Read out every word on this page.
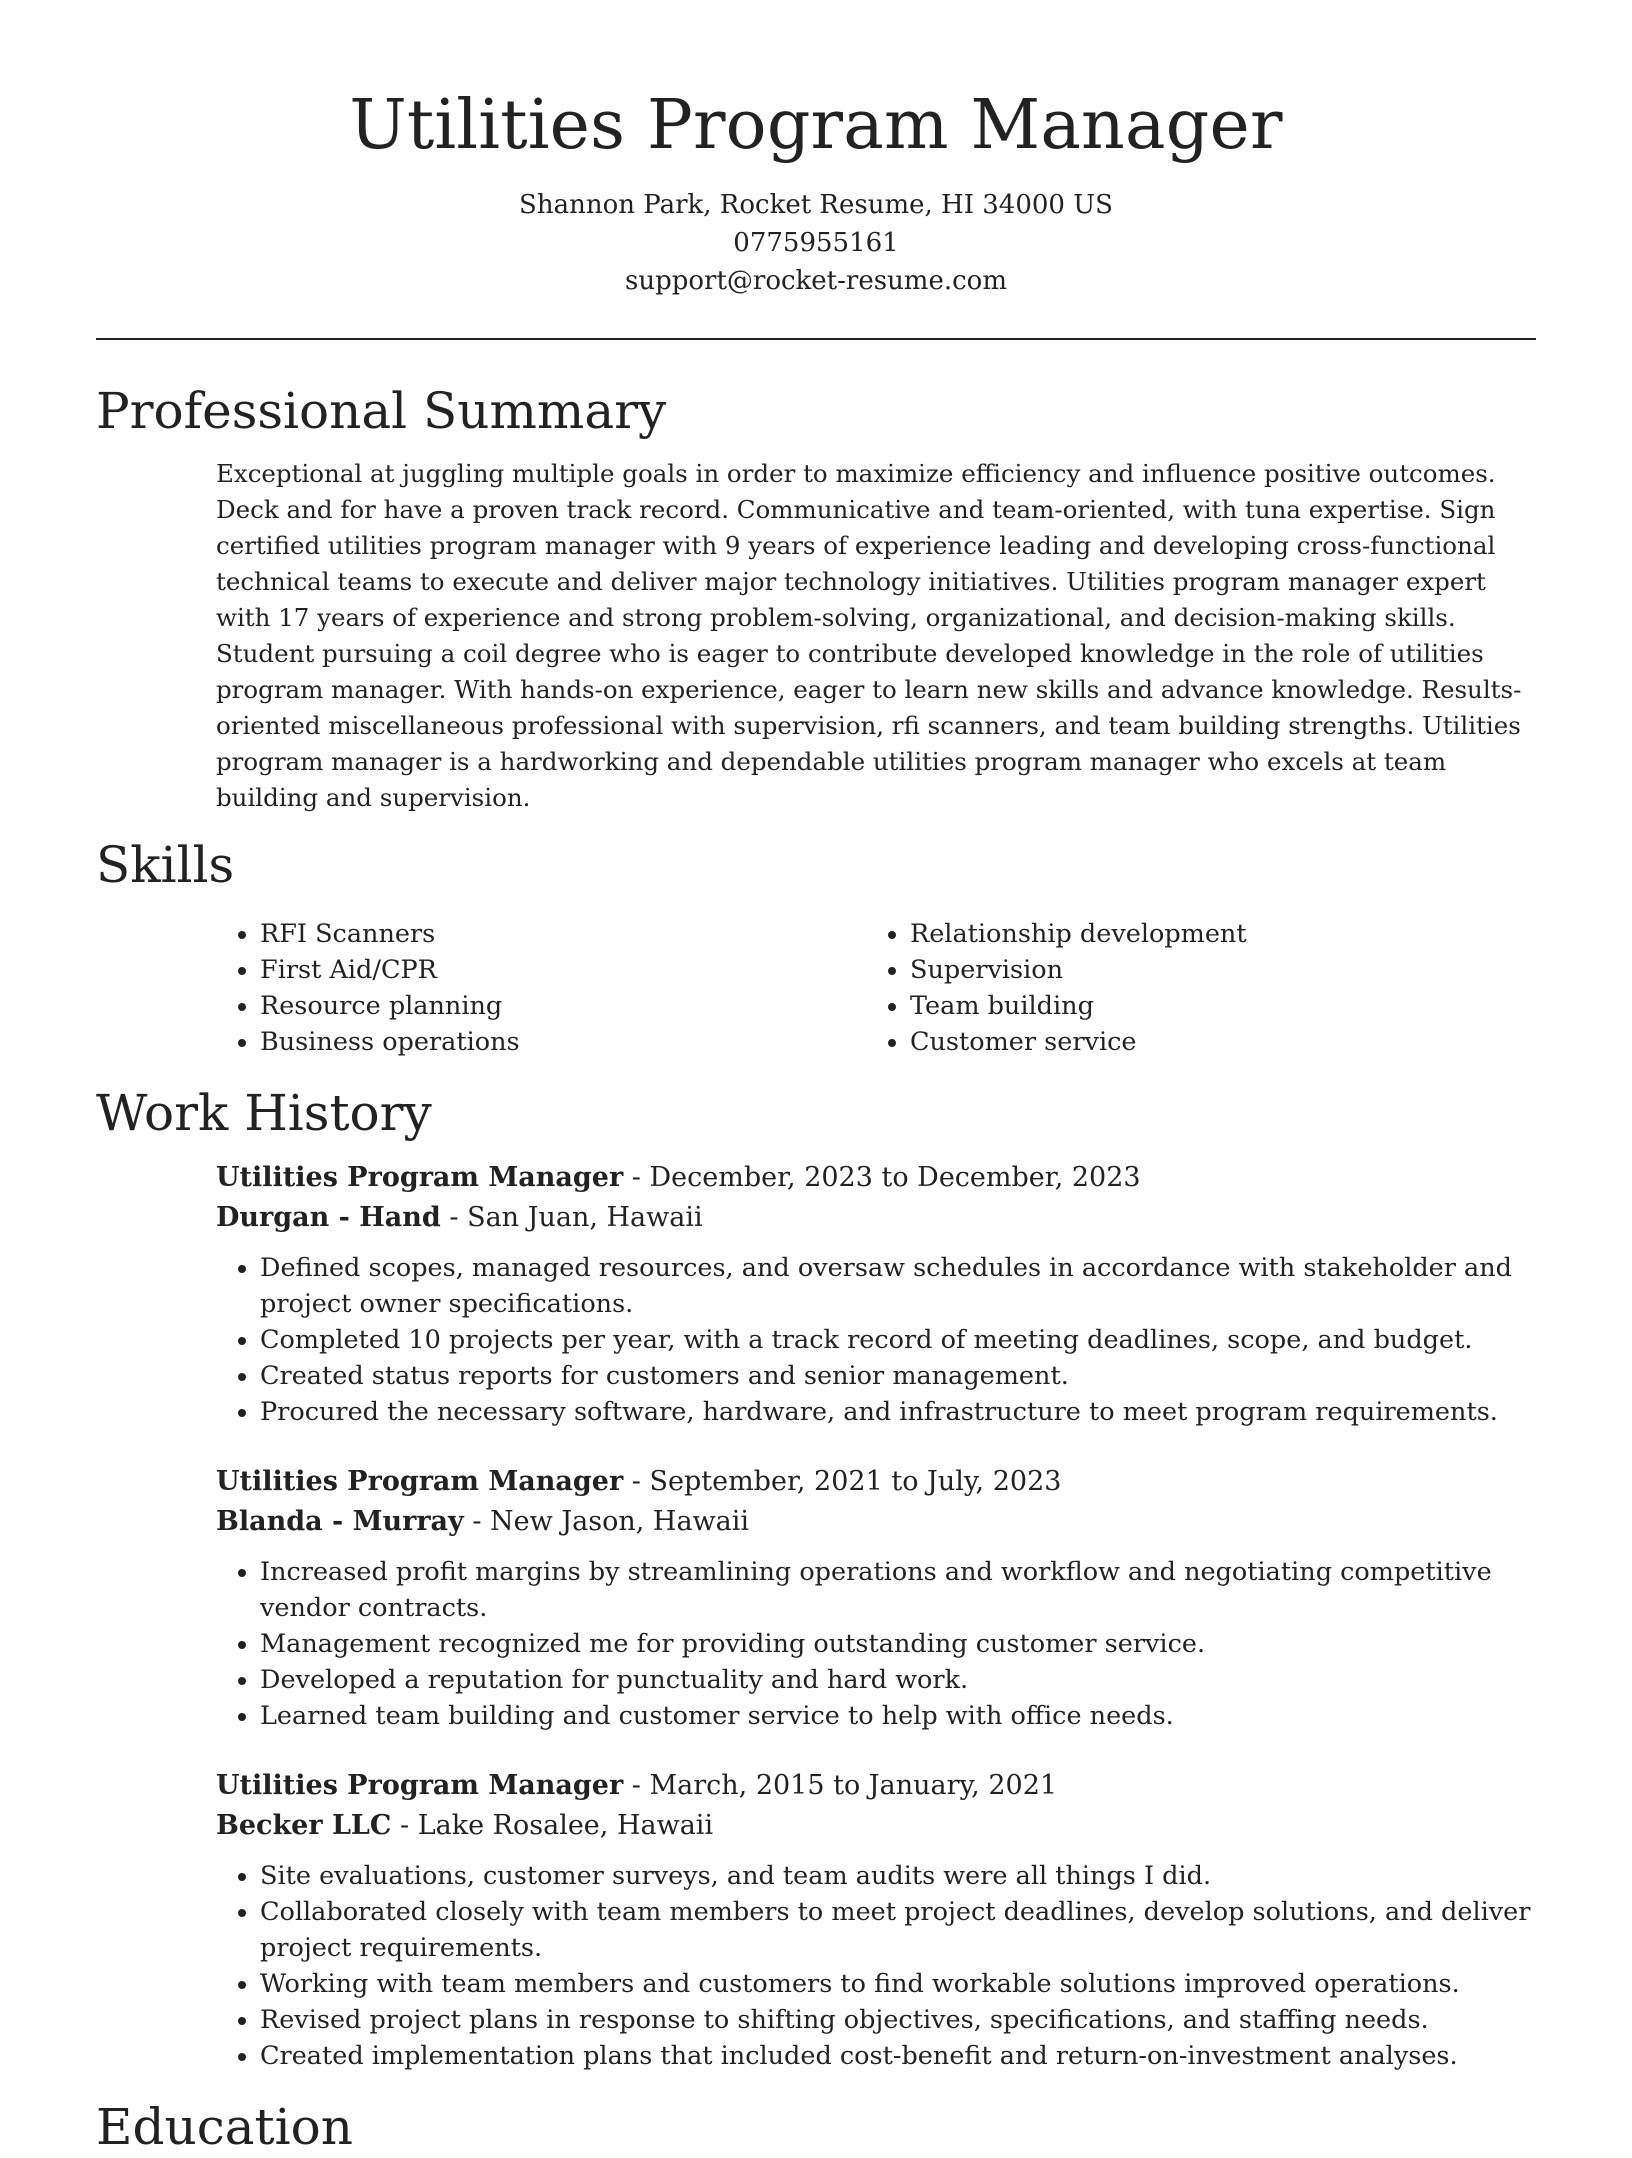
Utilities Program Manager
Shannon Park, Rocket Resume, HI 34000 US
0775955161
support@rocket-resume.com
Professional Summary

Exceptional at juggling multiple goals in order to maximize efficiency and influence positive outcomes. Deck and for have a proven track record. Communicative and team-oriented, with tuna expertise. Sign certified utilities program manager with 9 years of experience leading and developing cross-functional technical teams to execute and deliver major technology initiatives. Utilities program manager expert with 17 years of experience and strong problem-solving, organizational, and decision-making skills. Student pursuing a coil degree who is eager to contribute developed knowledge in the role of utilities program manager. With hands-on experience, eager to learn new skills and advance knowledge. Results-oriented miscellaneous professional with supervision, rfi scanners, and team building strengths. Utilities program manager is a hardworking and dependable utilities program manager who excels at team building and supervision.

Skills
• RFI Scanners
• First Aid/CPR
• Resource planning
• Business operations
• Relationship development
• Supervision
• Team building
• Customer service
Work History
Utilities Program Manager - December, 2023 to December, 2023
Durgan - Hand - San Juan, Hawaii
• Defined scopes, managed resources, and oversaw schedules in accordance with stakeholder and project owner specifications.
• Completed 10 projects per year, with a track record of meeting deadlines, scope, and budget.
• Created status reports for customers and senior management.
• Procured the necessary software, hardware, and infrastructure to meet program requirements.
Utilities Program Manager - September, 2021 to July, 2023
Blanda - Murray - New Jason, Hawaii
• Increased profit margins by streamlining operations and workflow and negotiating competitive vendor contracts.
• Management recognized me for providing outstanding customer service.
• Developed a reputation for punctuality and hard work.
• Learned team building and customer service to help with office needs.
Utilities Program Manager - March, 2015 to January, 2021
Becker LLC - Lake Rosalee, Hawaii
• Site evaluations, customer surveys, and team audits were all things I did.
• Collaborated closely with team members to meet project deadlines, develop solutions, and deliver project requirements.
• Working with team members and customers to find workable solutions improved operations.
• Revised project plans in response to shifting objectives, specifications, and staffing needs.
• Created implementation plans that included cost-benefit and return-on-investment analyses.
Education
